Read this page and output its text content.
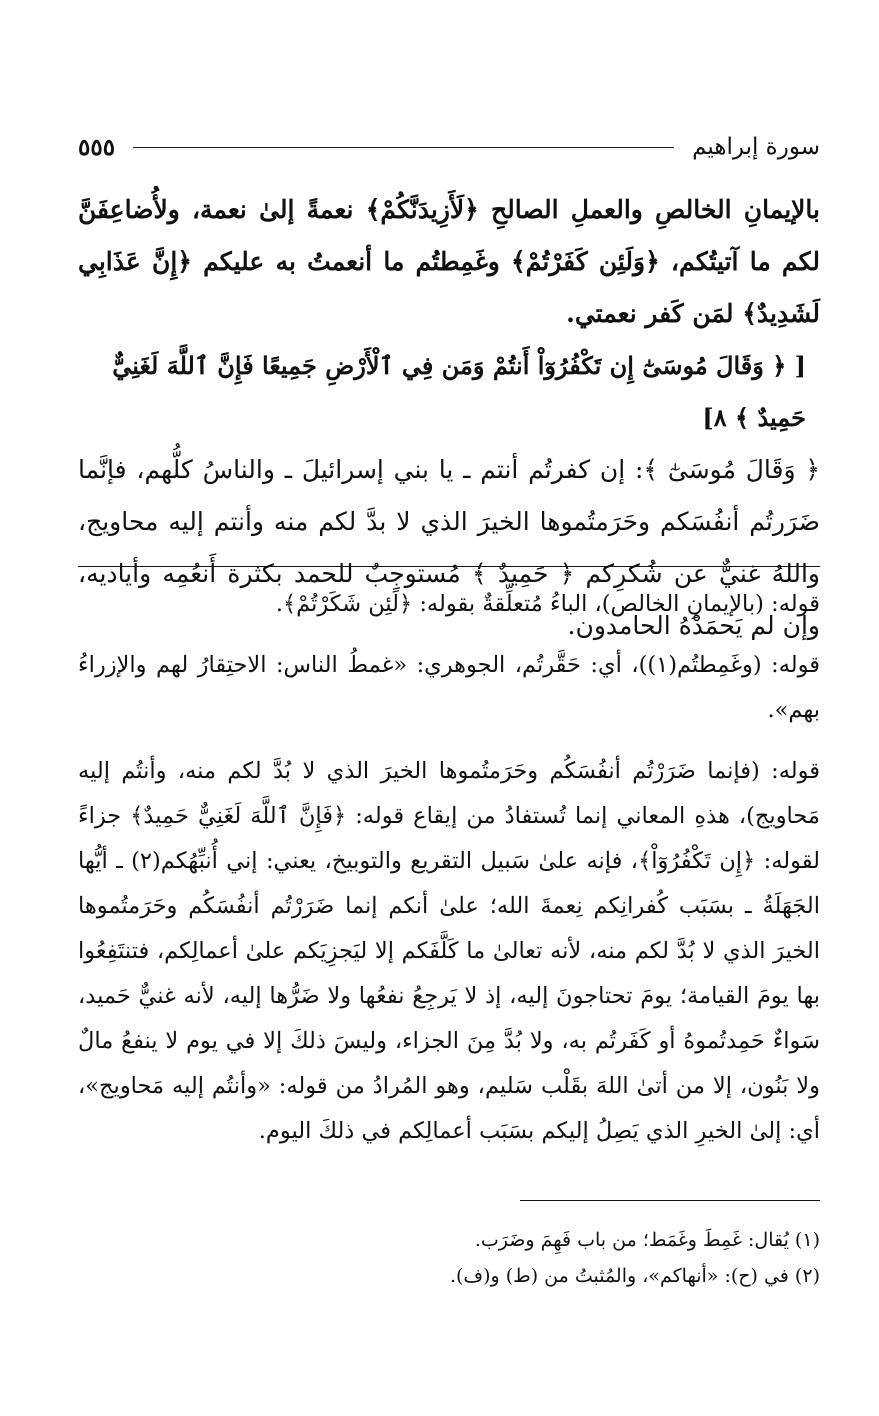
سورة إبراهيم
٥٥٥

بالإيمانِ الخالصِ والعملِ الصالحِ ﴿لَأَزِيدَنَّكُمْ﴾ نعمةً إلىٰ نعمة، ولأُضاعِفَنَّ لكم ما آتيتُكم، ﴿وَلَئِن كَفَرْتُمْ﴾ وغَمِطتُم ما أنعمتُ به عليكم ﴿إِنَّ عَذَابِي لَشَدِيدٌ﴾ لمَن كَفر نعمتي.

[ ﴿ وَقَالَ مُوسَىٰٓ إِن تَكْفُرُوٓاْ أَنتُمْ وَمَن فِي ٱلْأَرْضِ جَمِيعًا فَإِنَّ ٱللَّهَ لَغَنِيٌّ حَمِيدٌ ﴾ ٨]

﴿ وَقَالَ مُوسَىٰٓ ﴾: إن كفرتُم أنتم ـ يا بني إسرائيلَ ـ والناسُ كلُّهم، فإنَّما ضَرَرتُم أنفُسَكم وحَرَمتُموها الخيرَ الذي لا بدَّ لكم منه وأنتم إليه محاويج، واللهُ غنيٌّ عن شُكرِكم ﴿ حَمِيدٌ ﴾ مُستوجِبٌ للحمد بكثرة أَنعُمِه وأياديه، وإن لم يَحمَدْهُ الحامدون.

قوله: (بالإيمانِ الخالص)، الباءُ مُتعلِّقةٌ بقوله: ﴿لَئِن شَكَرْتُمْ﴾.

قوله: (وغَمِطتُم(١))، أي: حَقَّرتُم، الجوهري: «غمطُ الناس: الاحتِقارُ لهم والإزراءُ بهم».

قوله: (فإنما ضَرَرْتُم أنفُسَكُم وحَرَمتُموها الخيرَ الذي لا بُدَّ لكم منه، وأنتُم إليه مَحاويج)، هذهِ المعاني إنما تُستفادُ من إيقاع قوله: ﴿فَإِنَّ ٱللَّهَ لَغَنِيٌّ حَمِيدٌ﴾ جزاءً لقوله: ﴿إِن تَكْفُرُوٓاْ﴾، فإنه علىٰ سَبيل التقريع والتوبيخ، يعني: إني أُنبِّهُكم(٢) ـ أيُّها الجَهَلَةُ ـ بسَبَب كُفرانِكم نِعمةَ الله؛ علىٰ أنكم إنما ضَرَرْتُم أنفُسَكُم وحَرَمتُموها الخيرَ الذي لا بُدَّ لكم منه، لأنه تعالىٰ ما كَلَّفَكم إلا ليَجزِيَكم علىٰ أعمالِكم، فتنتَفِعُوا بها يومَ القيامة؛ يومَ تحتاجونَ إليه، إذ لا يَرجِعُ نفعُها ولا ضَرُّها إليه، لأنه غنيٌّ حَميد، سَواءٌ حَمِدتُموهُ أو كَفَرتُم به، ولا بُدَّ مِنَ الجزاء، وليسَ ذلكَ إلا في يوم لا ينفعُ مالٌ ولا بَنُون، إلا من أتىٰ اللهَ بقَلْب سَليم، وهو المُرادُ من قوله: «وأنتُم إليه مَحاويج»، أي: إلىٰ الخيرِ الذي يَصِلُ إليكم بسَبَب أعمالِكم في ذلكَ اليوم.

(١) يُقال: غَمِطَ وغَمَط؛ من باب فَهِمَ وضَرَب.

(٢) في (ح): «أنهاكم»، والمُثبتُ من (ط) و(ف).
